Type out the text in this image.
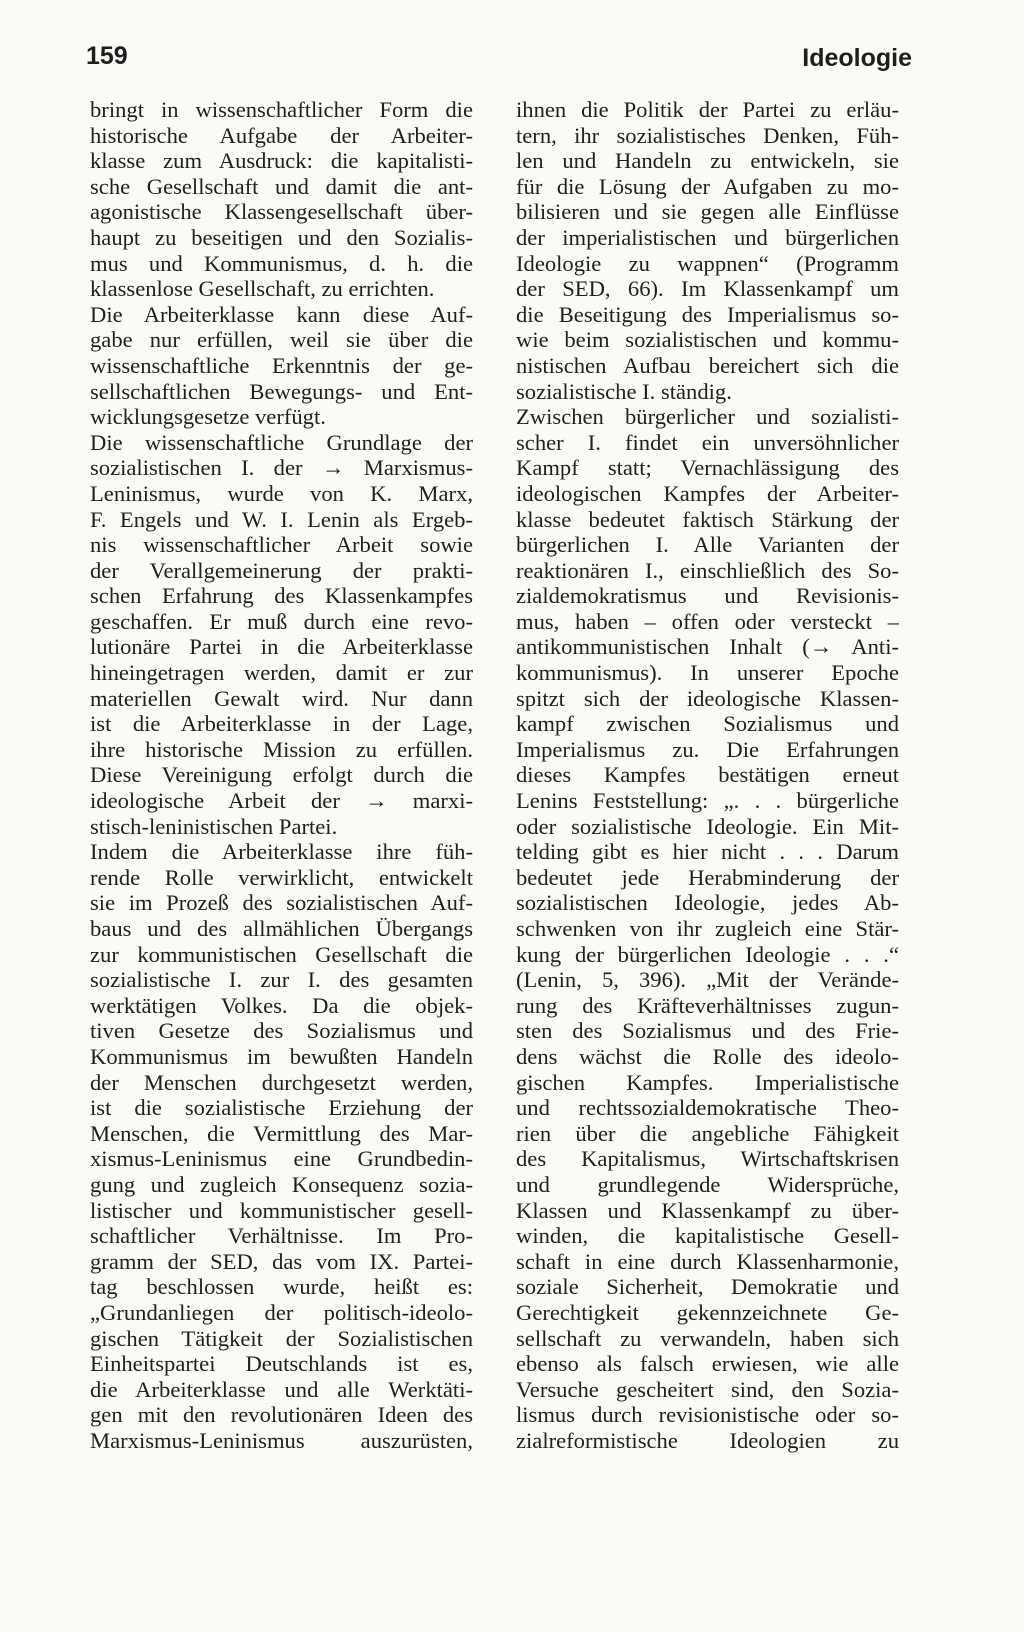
159	Ideologie
bringt in wissenschaftlicher Form die
historische Aufgabe der Arbeiter-
klasse zum Ausdruck: die kapitalisti-
sche Gesellschaft und damit die ant-
agonistische Klassengesellschaft über-
haupt zu beseitigen und den Sozialis-
mus und Kommunismus, d. h. die
klassenlose Gesellschaft, zu errichten.
Die Arbeiterklasse kann diese Auf-
gabe nur erfüllen, weil sie über die
wissenschaftliche Erkenntnis der ge-
sellschaftlichen Bewegungs- und Ent-
wicklungsgesetze verfügt.
Die wissenschaftliche Grundlage der
sozialistischen I. der → Marxismus-
Leninismus, wurde von K. Marx,
F. Engels und W. I. Lenin als Ergeb-
nis wissenschaftlicher Arbeit sowie
der Verallgemeinerung der prakti-
schen Erfahrung des Klassenkampfes
geschaffen. Er muß durch eine revo-
lutionäre Partei in die Arbeiterklasse
hineingetragen werden, damit er zur
materiellen Gewalt wird. Nur dann
ist die Arbeiterklasse in der Lage,
ihre historische Mission zu erfüllen.
Diese Vereinigung erfolgt durch die
ideologische Arbeit der → marxi-
stisch-leninistischen Partei.
Indem die Arbeiterklasse ihre füh-
rende Rolle verwirklicht, entwickelt
sie im Prozeß des sozialistischen Auf-
baus und des allmählichen Übergangs
zur kommunistischen Gesellschaft die
sozialistische I. zur I. des gesamten
werktätigen Volkes. Da die objek-
tiven Gesetze des Sozialismus und
Kommunismus im bewußten Handeln
der Menschen durchgesetzt werden,
ist die sozialistische Erziehung der
Menschen, die Vermittlung des Mar-
xismus-Leninismus eine Grundbedin-
gung und zugleich Konsequenz sozia-
listischer und kommunistischer gesell-
schaftlicher Verhältnisse. Im Pro-
gramm der SED, das vom IX. Partei-
tag beschlossen wurde, heißt es:
„Grundanliegen der politisch-ideolo-
gischen Tätigkeit der Sozialistischen
Einheitspartei Deutschlands ist es,
die Arbeiterklasse und alle Werktäti-
gen mit den revolutionären Ideen des
Marxismus-Leninismus auszurüsten,
ihnen die Politik der Partei zu erläu-
tern, ihr sozialistisches Denken, Füh-
len und Handeln zu entwickeln, sie
für die Lösung der Aufgaben zu mo-
bilisieren und sie gegen alle Einflüsse
der imperialistischen und bürgerlichen
Ideologie zu wappnen“ (Programm
der SED, 66). Im Klassenkampf um
die Beseitigung des Imperialismus so-
wie beim sozialistischen und kommu-
nistischen Aufbau bereichert sich die
sozialistische I. ständig.
Zwischen bürgerlicher und sozialisti-
scher I. findet ein unversöhnlicher
Kampf statt; Vernachlässigung des
ideologischen Kampfes der Arbeiter-
klasse bedeutet faktisch Stärkung der
bürgerlichen I. Alle Varianten der
reaktionären I., einschließlich des So-
zialdemokratismus und Revisionis-
mus, haben – offen oder versteckt –
antikommunistischen Inhalt (→ Anti-
kommunismus). In unserer Epoche
spitzt sich der ideologische Klassen-
kampf zwischen Sozialismus und
Imperialismus zu. Die Erfahrungen
dieses Kampfes bestätigen erneut
Lenins Feststellung: „. . . bürgerliche
oder sozialistische Ideologie. Ein Mit-
telding gibt es hier nicht . . . Darum
bedeutet jede Herabminderung der
sozialistischen Ideologie, jedes Ab-
schwenken von ihr zugleich eine Stär-
kung der bürgerlichen Ideologie . . .“
(Lenin, 5, 396). „Mit der Verände-
rung des Kräfteverhältnisses zugun-
sten des Sozialismus und des Frie-
dens wächst die Rolle des ideolo-
gischen Kampfes. Imperialistische
und rechtssozialdemokratische Theo-
rien über die angebliche Fähigkeit
des Kapitalismus, Wirtschaftskrisen
und grundlegende Widersprüche,
Klassen und Klassenkampf zu über-
winden, die kapitalistische Gesell-
schaft in eine durch Klassenharmonie,
soziale Sicherheit, Demokratie und
Gerechtigkeit gekennzeichnete Ge-
sellschaft zu verwandeln, haben sich
ebenso als falsch erwiesen, wie alle
Versuche gescheitert sind, den Sozia-
lismus durch revisionistische oder so-
zialreformistische Ideologien zu
